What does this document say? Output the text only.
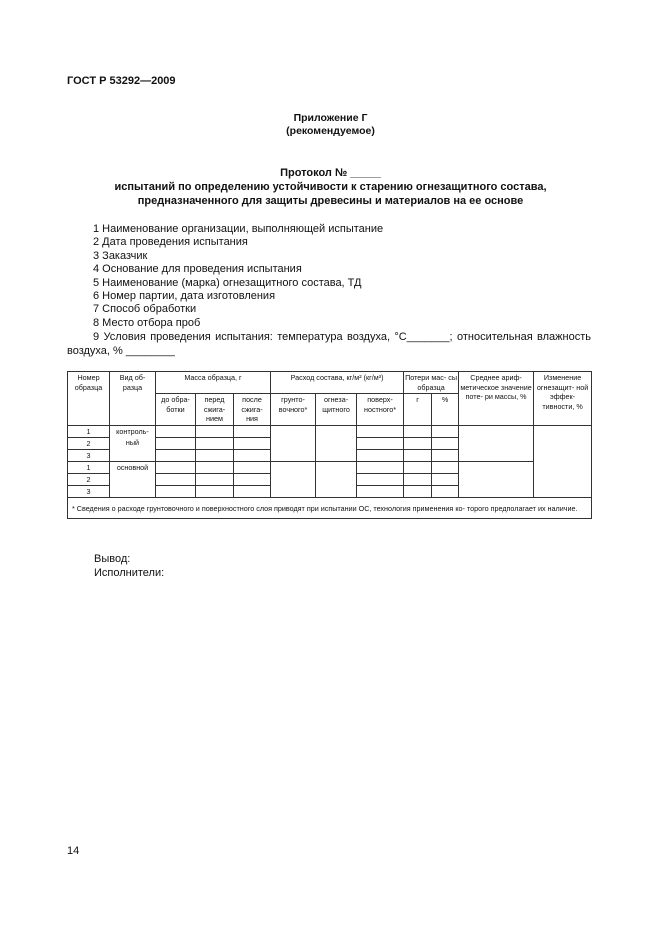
ГОСТ Р 53292—2009
Приложение Г
(рекомендуемое)
Протокол № _____
испытаний по определению устойчивости к старению огнезащитного состава,
предназначенного для защиты древесины и материалов на ее основе
1 Наименование организации, выполняющей испытание
2 Дата проведения испытания
3 Заказчик
4 Основание для проведения испытания
5 Наименование (марка) огнезащитного состава, ТД
6 Номер партии, дата изготовления
7 Способ обработки
8 Место отбора проб
9 Условия проведения испытания: температура воздуха, °С_______; относительная влажность
воздуха, % ________
Номер образца	Вид об- разца	Масса образца, г			Расход состава, кг/м² (кг/м³)			Потери мас- сы образца		Среднее ариф- метическое значение поте- ри массы, %	Изменение огнезащит- ной эффек- тивности, %
		до обра- ботки	перед сжига- нием	после сжига- ния	грунто- вочного*	огнеза- щитного	поверх- ностного*	г	%		
1	контроль- ный										
2											
3											
1	основной										
2											
3											
* Сведения о расходе грунтовочного и поверхностного слоя приводят при испытании ОС, технология применения ко- торого предполагает их наличие.											
Вывод:
Исполнители:
14
